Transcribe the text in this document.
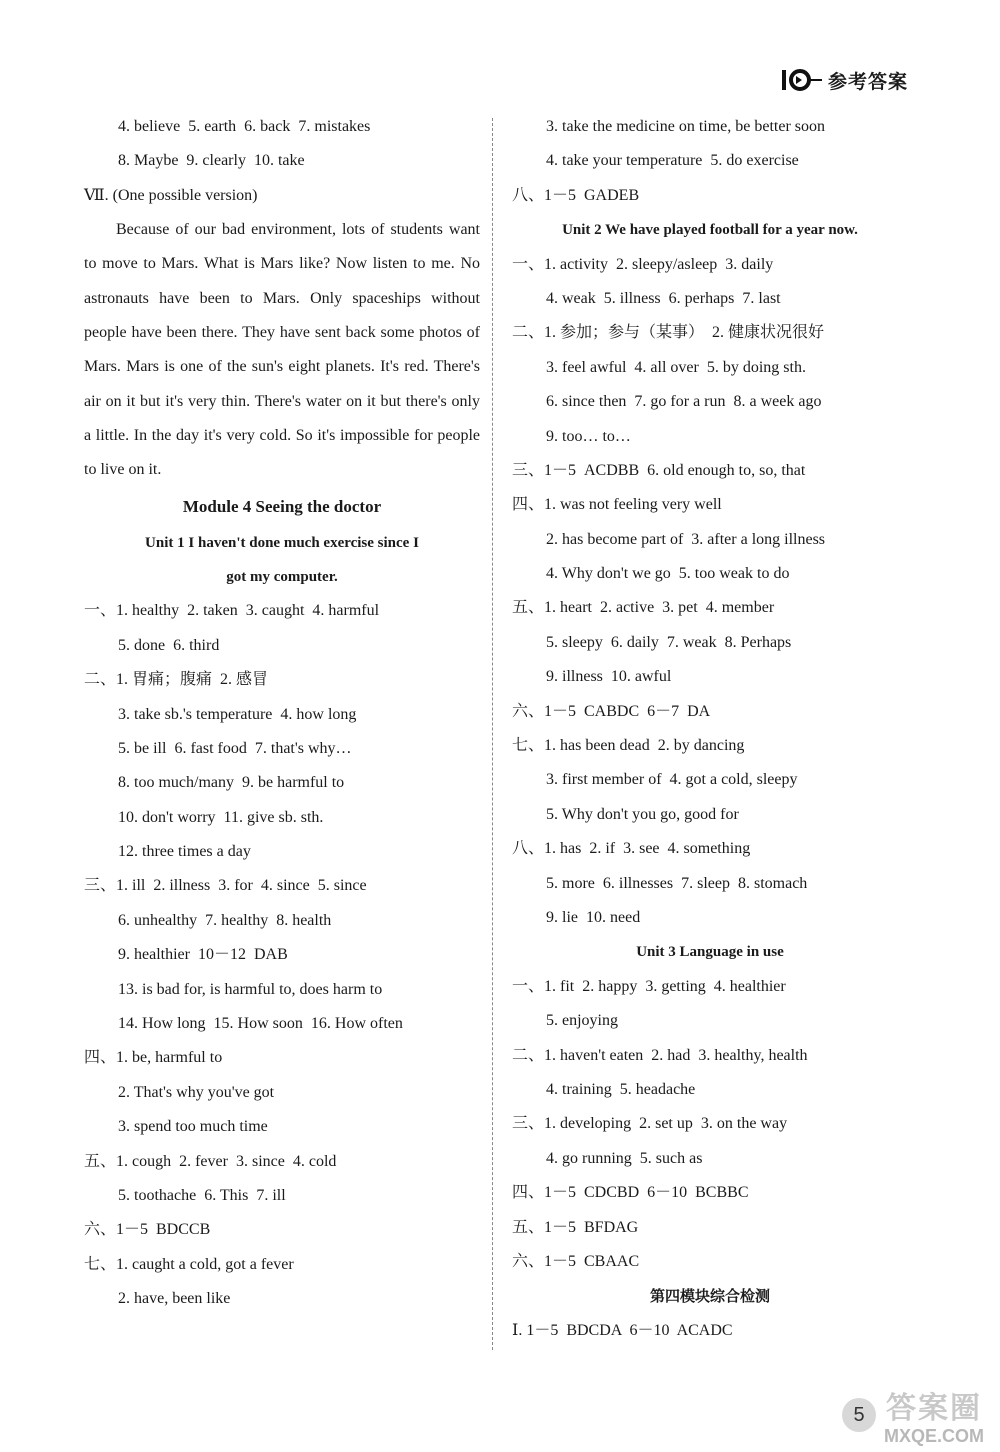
参考答案
4. believe  5. earth  6. back  7. mistakes
8. Maybe  9. clearly  10. take
Ⅶ. (One possible version)

Because of our bad environment, lots of students want to move to Mars. What is Mars like? Now listen to me. No astronauts have been to Mars. Only spaceships without people have been there. They have sent back some photos of Mars. Mars is one of the sun's eight planets. It's red. There's air on it but it's very thin. There's water on it but there's only a little. In the day it's very cold. So it's impossible for people to live on it.

Module 4 Seeing the doctor
Unit 1 I haven't done much exercise since I
got my computer.
一、1. healthy  2. taken  3. caught  4. harmful
5. done  6. third
二、1. 胃痛；腹痛  2. 感冒
3. take sb.'s temperature  4. how long
5. be ill  6. fast food  7. that's why…
8. too much/many  9. be harmful to
10. don't worry  11. give sb. sth.
12. three times a day
三、1. ill  2. illness  3. for  4. since  5. since
6. unhealthy  7. healthy  8. health
9. healthier  10－12  DAB
13. is bad for, is harmful to, does harm to
14. How long  15. How soon  16. How often
四、1. be, harmful to
2. That's why you've got
3. spend too much time
五、1. cough  2. fever  3. since  4. cold
5. toothache  6. This  7. ill
六、1－5  BDCCB
七、1. caught a cold, got a fever
2. have, been like
3. take the medicine on time, be better soon
4. take your temperature  5. do exercise
八、1－5  GADEB
Unit 2 We have played football for a year now.
一、1. activity  2. sleepy/asleep  3. daily
4. weak  5. illness  6. perhaps  7. last
二、1. 参加；参与（某事）  2. 健康状况很好
3. feel awful  4. all over  5. by doing sth.
6. since then  7. go for a run  8. a week ago
9. too… to…
三、1－5  ACDBB  6. old enough to, so, that
四、1. was not feeling very well
2. has become part of  3. after a long illness
4. Why don't we go  5. too weak to do
五、1. heart  2. active  3. pet  4. member
5. sleepy  6. daily  7. weak  8. Perhaps
9. illness  10. awful
六、1－5  CABDC  6－7  DA
七、1. has been dead  2. by dancing
3. first member of  4. got a cold, sleepy
5. Why don't you go, good for
八、1. has  2. if  3. see  4. something
5. more  6. illnesses  7. sleep  8. stomach
9. lie  10. need
Unit 3 Language in use
一、1. fit  2. happy  3. getting  4. healthier
5. enjoying
二、1. haven't eaten  2. had  3. healthy, health
4. training  5. headache
三、1. developing  2. set up  3. on the way
4. go running  5. such as
四、1－5  CDCBD  6－10  BCBBC
五、1－5  BFDAG
六、1－5  CBAAC
第四模块综合检测
Ⅰ. 1－5  BDCDA  6－10  ACADC
5 答案圈
MXQE.COM
